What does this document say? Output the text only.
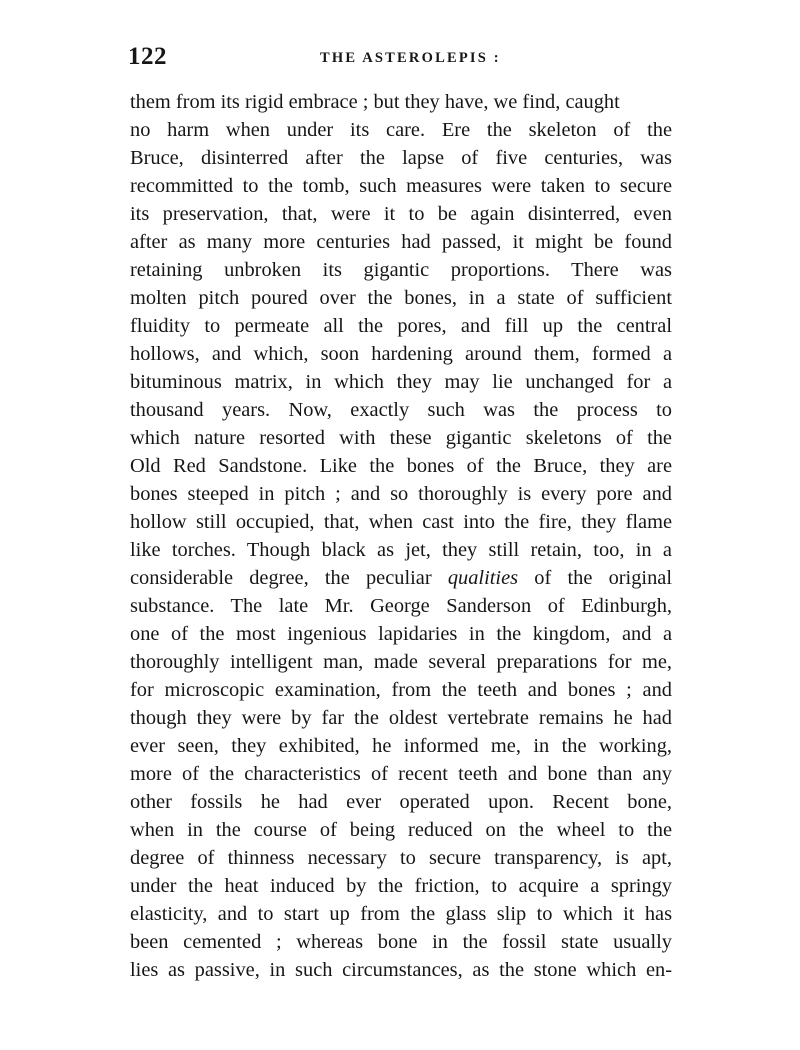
122	THE ASTEROLEPIS :
them from its rigid embrace ; but they have, we find, caught
no harm when under its care. Ere the skeleton of the
Bruce, disinterred after the lapse of five centuries, was
recommitted to the tomb, such measures were taken to secure
its preservation, that, were it to be again disinterred, even
after as many more centuries had passed, it might be found
retaining unbroken its gigantic proportions. There was
molten pitch poured over the bones, in a state of sufficient
fluidity to permeate all the pores, and fill up the central
hollows, and which, soon hardening around them, formed a
bituminous matrix, in which they may lie unchanged for a
thousand years. Now, exactly such was the process to
which nature resorted with these gigantic skeletons of the
Old Red Sandstone. Like the bones of the Bruce, they are
bones steeped in pitch ; and so thoroughly is every pore and
hollow still occupied, that, when cast into the fire, they flame
like torches. Though black as jet, they still retain, too, in a
considerable degree, the peculiar qualities of the original
substance. The late Mr. George Sanderson of Edinburgh,
one of the most ingenious lapidaries in the kingdom, and a
thoroughly intelligent man, made several preparations for me,
for microscopic examination, from the teeth and bones ; and
though they were by far the oldest vertebrate remains he had
ever seen, they exhibited, he informed me, in the working,
more of the characteristics of recent teeth and bone than any
other fossils he had ever operated upon. Recent bone,
when in the course of being reduced on the wheel to the
degree of thinness necessary to secure transparency, is apt,
under the heat induced by the friction, to acquire a springy
elasticity, and to start up from the glass slip to which it has
been cemented ; whereas bone in the fossil state usually
lies as passive, in such circumstances, as the stone which en-
